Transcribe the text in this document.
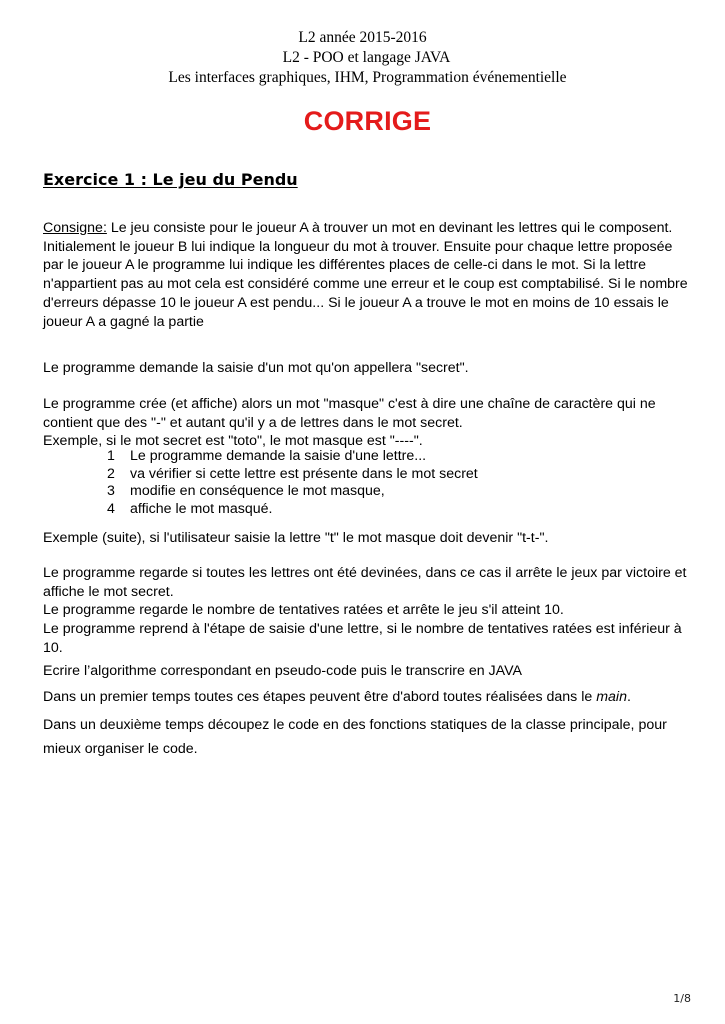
L2 année 2015-2016
L2 - POO et langage JAVA
Les interfaces graphiques, IHM, Programmation événementielle
CORRIGE
Exercice 1 : Le jeu du Pendu

Consigne: Le jeu consiste pour le joueur A à trouver un mot en devinant les lettres qui le composent. Initialement le joueur B lui indique la longueur du mot à trouver. Ensuite pour chaque lettre proposée par le joueur A le programme lui indique les différentes places de celle-ci dans le mot. Si la lettre n'appartient pas au mot cela est considéré comme une erreur et le coup est comptabilisé. Si le nombre d'erreurs dépasse 10 le joueur A est pendu... Si le joueur A a trouve le mot en moins de 10 essais le joueur A a gagné la partie

Le programme demande la saisie d'un mot qu'on appellera "secret".

Le programme crée (et affiche) alors un mot "masque" c'est à dire une chaîne de caractère qui ne contient que des "-" et autant qu'il y a de lettres dans le mot secret.
Exemple, si le mot secret est "toto", le mot masque est "----".
1	Le programme demande la saisie d'une lettre...
2	va vérifier si cette lettre est présente dans le mot secret
3	modifie en conséquence le mot masque,
4	affiche le mot masqué.

Exemple (suite), si l'utilisateur saisie la lettre "t" le mot masque doit devenir "t-t-".

Le programme regarde si toutes les lettres ont été devinées, dans ce cas il arrête le jeux par victoire et affiche le mot secret.
Le programme regarde le nombre de tentatives ratées et arrête le jeu s'il atteint 10.
Le programme reprend à l'étape de saisie d'une lettre, si le nombre de tentatives ratées est inférieur à 10.

Ecrire l’algorithme correspondant en pseudo-code puis le transcrire en JAVA

Dans un premier temps toutes ces étapes peuvent être d'abord toutes réalisées dans le main.

Dans un deuxième temps découpez le code en des fonctions statiques de la classe principale, pour mieux organiser le code.

1/8
